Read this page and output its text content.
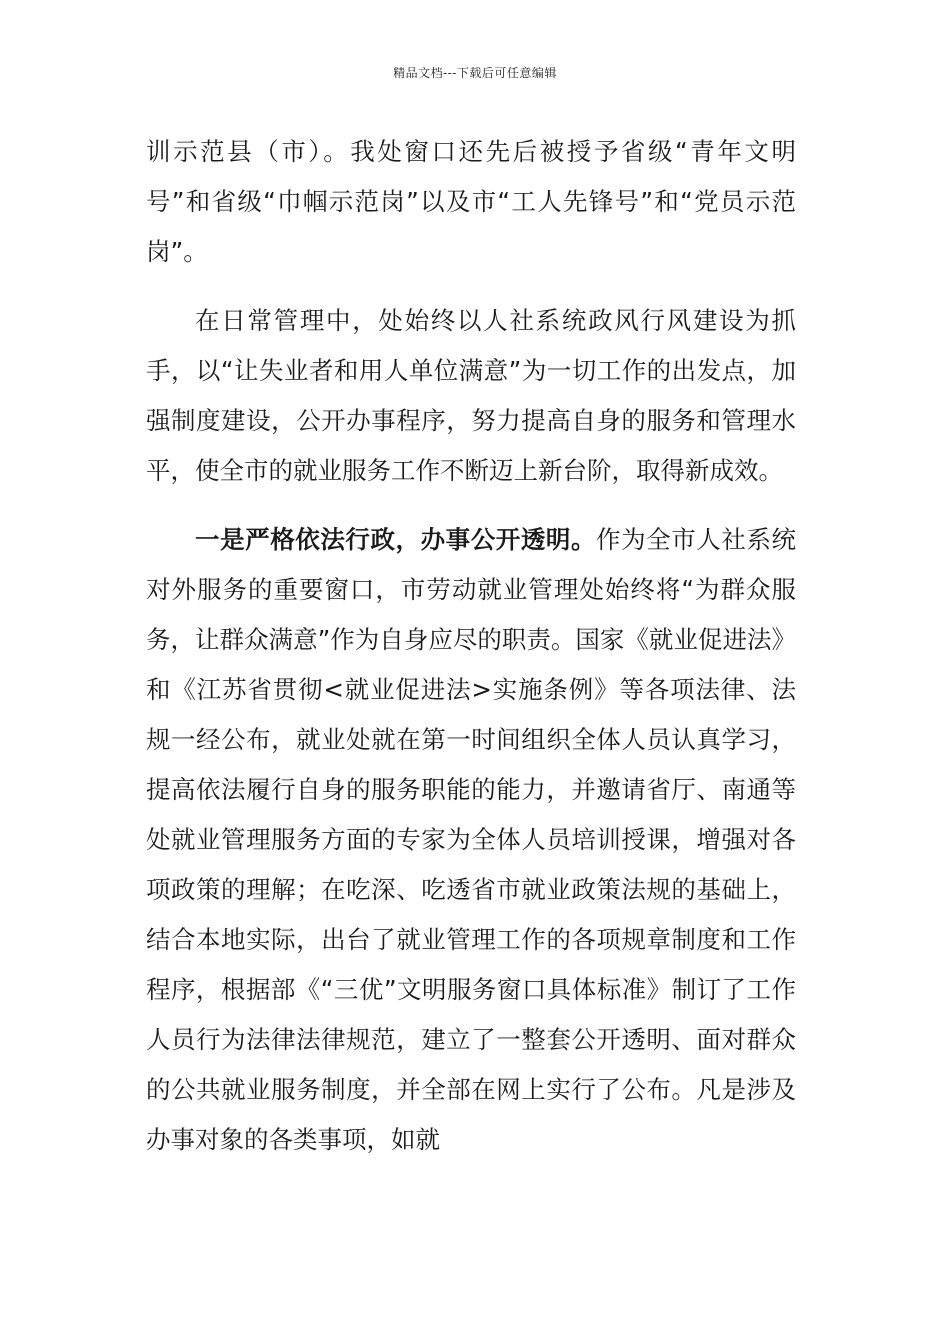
精品文档---下载后可任意编辑

训示范县（市）。我处窗口还先后被授予省级“青年文明号”和省级“巾帼示范岗”以及市“工人先锋号”和“党员示范岗”。

在日常管理中，处始终以人社系统政风行风建设为抓手，以“让失业者和用人单位满意”为一切工作的出发点，加强制度建设，公开办事程序，努力提高自身的服务和管理水平，使全市的就业服务工作不断迈上新台阶，取得新成效。

一是严格依法行政，办事公开透明。作为全市人社系统对外服务的重要窗口，市劳动就业管理处始终将“为群众服务，让群众满意”作为自身应尽的职责。国家《就业促进法》和《江苏省贯彻<就业促进法>实施条例》等各项法律、法规一经公布，就业处就在第一时间组织全体人员认真学习，提高依法履行自身的服务职能的能力，并邀请省厅、南通等处就业管理服务方面的专家为全体人员培训授课，增强对各项政策的理解；在吃深、吃透省市就业政策法规的基础上，结合本地实际，出台了就业管理工作的各项规章制度和工作程序，根据部《“三优”文明服务窗口具体标准》制订了工作人员行为法律法律规范，建立了一整套公开透明、面对群众的公共就业服务制度，并全部在网上实行了公布。凡是涉及办事对象的各类事项，如就
